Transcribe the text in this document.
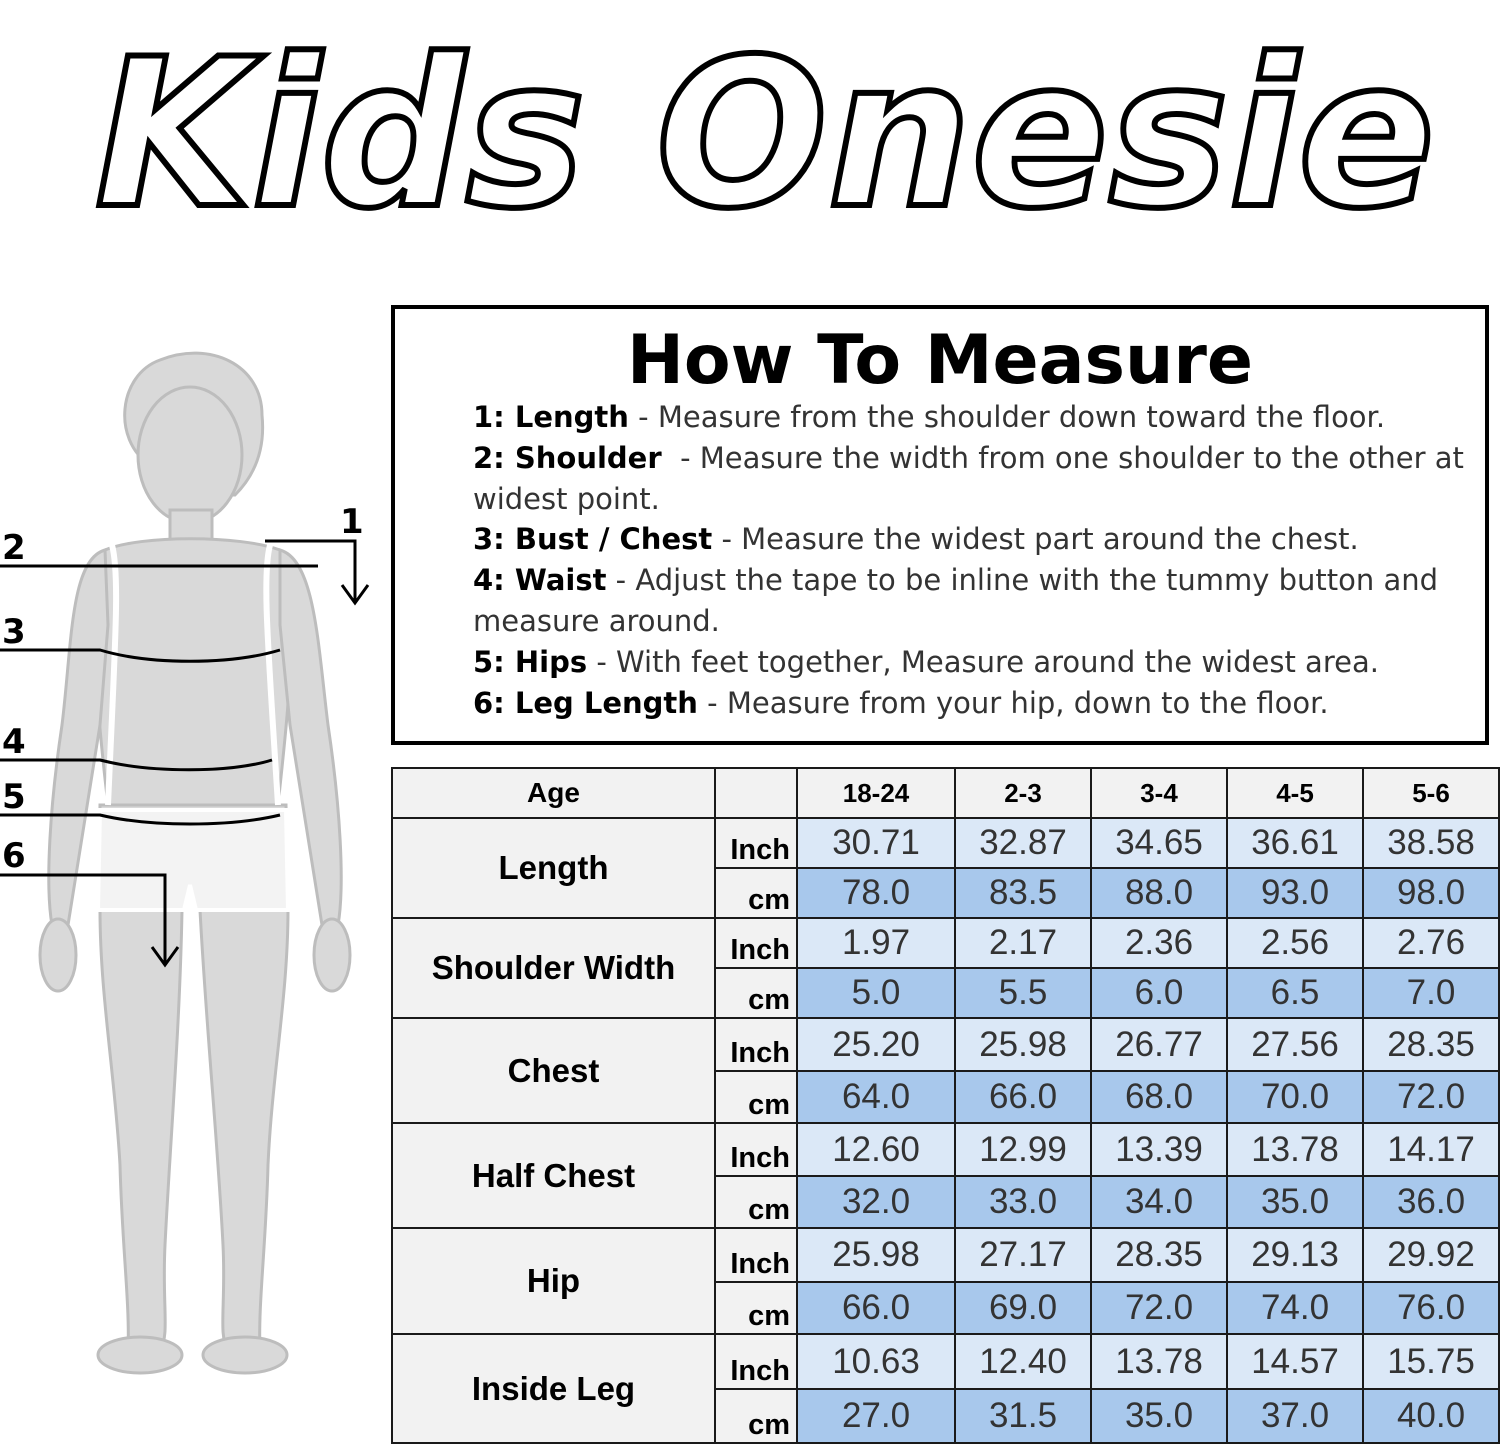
Kids Onesie
1
2
3
4
5
6
How To Measure
1: Length - Measure from the shoulder down toward the floor.
2: Shoulder  - Measure the width from one shoulder to the other at widest point.
3: Bust / Chest - Measure the widest part around the chest.
4: Waist - Adjust the tape to be inline with the tummy button and measure around.
5: Hips - With feet together, Measure around the widest area.
6: Leg Length - Measure from your hip, down to the floor.
Age		18-24	2-3	3-4	4-5	5-6
Length	Inch	30.71	32.87	34.65	36.61	38.58
	cm	78.0	83.5	88.0	93.0	98.0
Shoulder Width	Inch	1.97	2.17	2.36	2.56	2.76
	cm	5.0	5.5	6.0	6.5	7.0
Chest	Inch	25.20	25.98	26.77	27.56	28.35
	cm	64.0	66.0	68.0	70.0	72.0
Half Chest	Inch	12.60	12.99	13.39	13.78	14.17
	cm	32.0	33.0	34.0	35.0	36.0
Hip	Inch	25.98	27.17	28.35	29.13	29.92
	cm	66.0	69.0	72.0	74.0	76.0
Inside Leg	Inch	10.63	12.40	13.78	14.57	15.75
	cm	27.0	31.5	35.0	37.0	40.0
